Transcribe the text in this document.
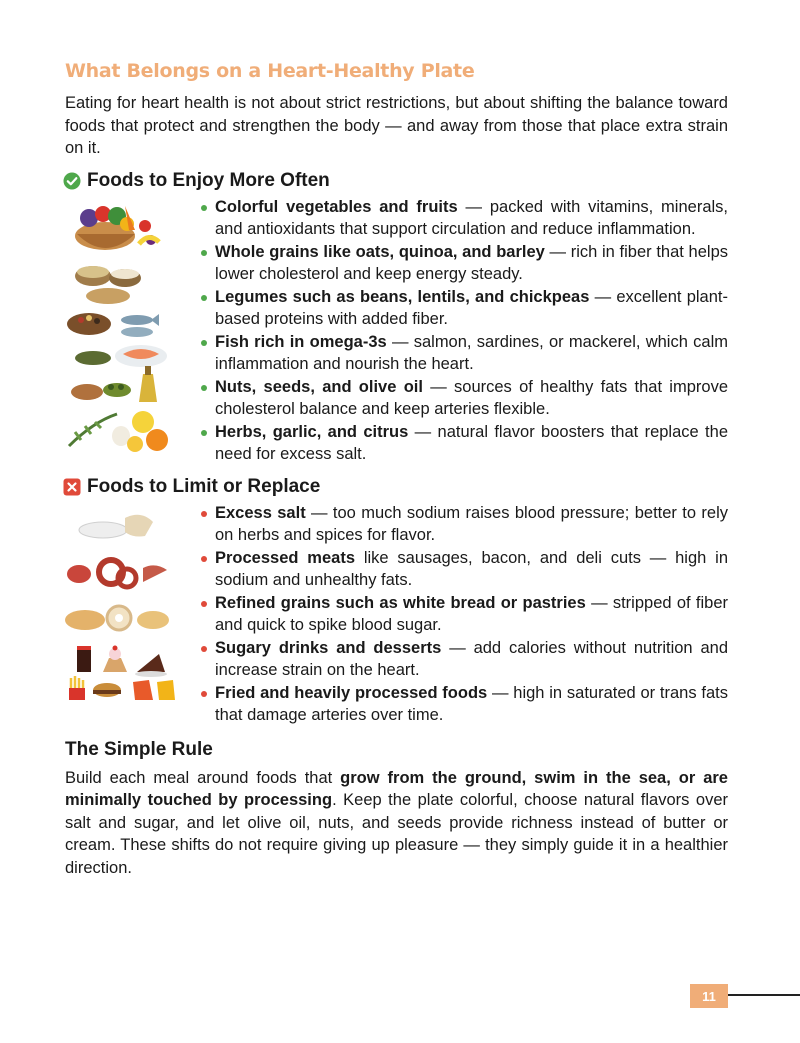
What Belongs on a Heart-Healthy Plate

Eating for heart health is not about strict restrictions, but about shifting the balance toward foods that protect and strengthen the body — and away from those that place extra strain on it.

Foods to Enjoy More Often
Colorful vegetables and fruits — packed with vitamins, minerals, and antioxidants that support circulation and reduce inflammation.
Whole grains like oats, quinoa, and barley — rich in fiber that helps lower cholesterol and keep energy steady.
Legumes such as beans, lentils, and chickpeas — excellent plant-based proteins with added fiber.
Fish rich in omega-3s — salmon, sardines, or mackerel, which calm inflammation and nourish the heart.
Nuts, seeds, and olive oil — sources of healthy fats that improve cholesterol balance and keep arteries flexible.
Herbs, garlic, and citrus — natural flavor boosters that replace the need for excess salt.
Foods to Limit or Replace
Excess salt — too much sodium raises blood pressure; better to rely on herbs and spices for flavor.
Processed meats like sausages, bacon, and deli cuts — high in sodium and unhealthy fats.
Refined grains such as white bread or pastries — stripped of fiber and quick to spike blood sugar.
Sugary drinks and desserts — add calories without nutrition and increase strain on the heart.
Fried and heavily processed foods — high in saturated or trans fats that damage arteries over time.
The Simple Rule

Build each meal around foods that grow from the ground, swim in the sea, or are minimally touched by processing. Keep the plate colorful, choose natural flavors over salt and sugar, and let olive oil, nuts, and seeds provide richness instead of butter or cream. These shifts do not require giving up pleasure — they simply guide it in a healthier direction.

11
